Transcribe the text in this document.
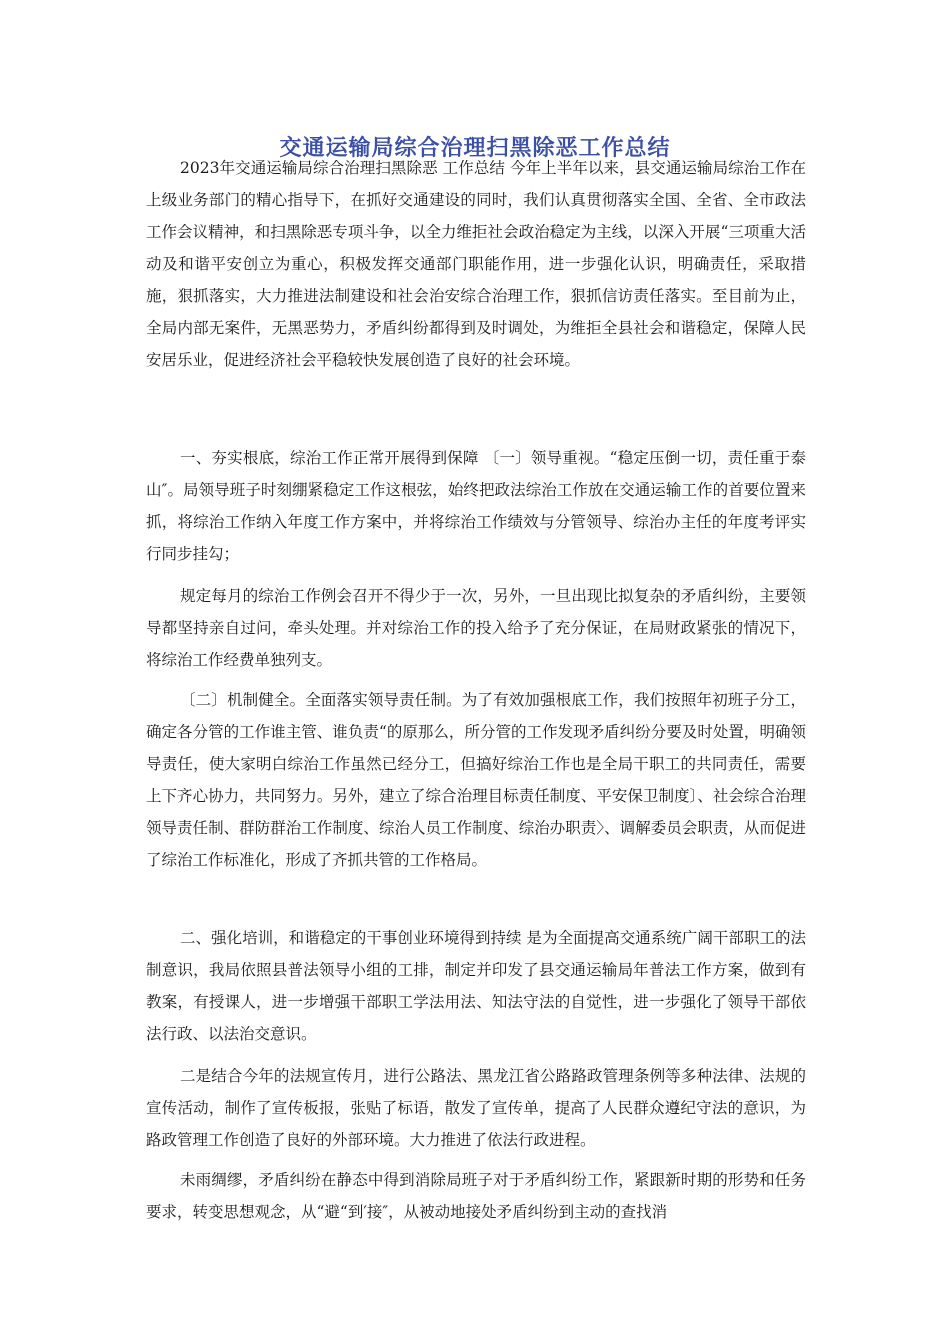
交通运输局综合治理扫黑除恶工作总结

2023年交通运输局综合治理扫黑除恶 工作总结 今年上半年以来，县交通运输局综治工作在上级业务部门的精心指导下，在抓好交通建设的同时，我们认真贯彻落实全国、全省、全市政法工作会议精神，和扫黑除恶专项斗争，以全力维拒社会政治稳定为主线，以深入开展“三项重大活动及和谐平安创立为重心，积极发挥交通部门职能作用，进一步强化认识，明确责任，采取措施，狠抓落实，大力推进法制建设和社会治安综合治理工作，狠抓信访责任落实。至目前为止，全局内部无案件，无黑恶势力，矛盾纠纷都得到及时调处，为维拒全县社会和谐稳定，保障人民安居乐业，促进经济社会平稳较快发展创造了良好的社会环境。

一、夯实根底，综治工作正常开展得到保障 〔一〕领导重视。“稳定压倒一切，责任重于泰山″。局领导班子时刻绷紧稳定工作这根弦，始终把政法综治工作放在交通运输工作的首要位置来抓，将综治工作纳入年度工作方案中，并将综治工作绩效与分管领导、综治办主任的年度考评实行同步挂勾；

规定每月的综治工作例会召开不得少于一次，另外，一旦出现比拟复杂的矛盾纠纷，主要领导都坚持亲自过问，牵头处理。并对综治工作的投入给予了充分保证，在局财政紧张的情况下，将综治工作经费单独列支。

〔二〕机制健全。全面落实领导责任制。为了有效加强根底工作，我们按照年初班子分工，确定各分管的工作谁主管、谁负责“的原那么，所分管的工作发现矛盾纠纷分要及时处置，明确领导责任，使大家明白综治工作虽然已经分工，但搞好综治工作也是全局干职工的共同责任，需要上下齐心协力，共同努力。另外，建立了综合治理目标责任制度、平安保卫制度〕、社会综合治理领导责任制、群防群治工作制度、综治人员工作制度、综治办职责〉、调解委员会职责，从而促进了综治工作标准化，形成了齐抓共管的工作格局。

二、强化培训，和谐稳定的干事创业环境得到持续 是为全面提高交通系统广阔干部职工的法制意识，我局依照县普法领导小组的工排，制定并印发了县交通运输局年普法工作方案，做到有教案，有授课人，进一步增强干部职工学法用法、知法守法的自觉性，进一步强化了领导干部依法行政、以法治交意识。

二是结合今年的法规宣传月，进行公路法、黑龙江省公路路政管理条例等多种法律、法规的宣传活动，制作了宣传板报，张贴了标语，散发了宣传单，提高了人民群众遵纪守法的意识，为路政管理工作创造了良好的外部环境。大力推进了依法行政进程。

未雨绸缪，矛盾纠纷在静态中得到消除局班子对于矛盾纠纷工作，紧跟新时期的形势和任务要求，转变思想观念，从“避“到′接″，从被动地接处矛盾纠纷到主动的查找消
